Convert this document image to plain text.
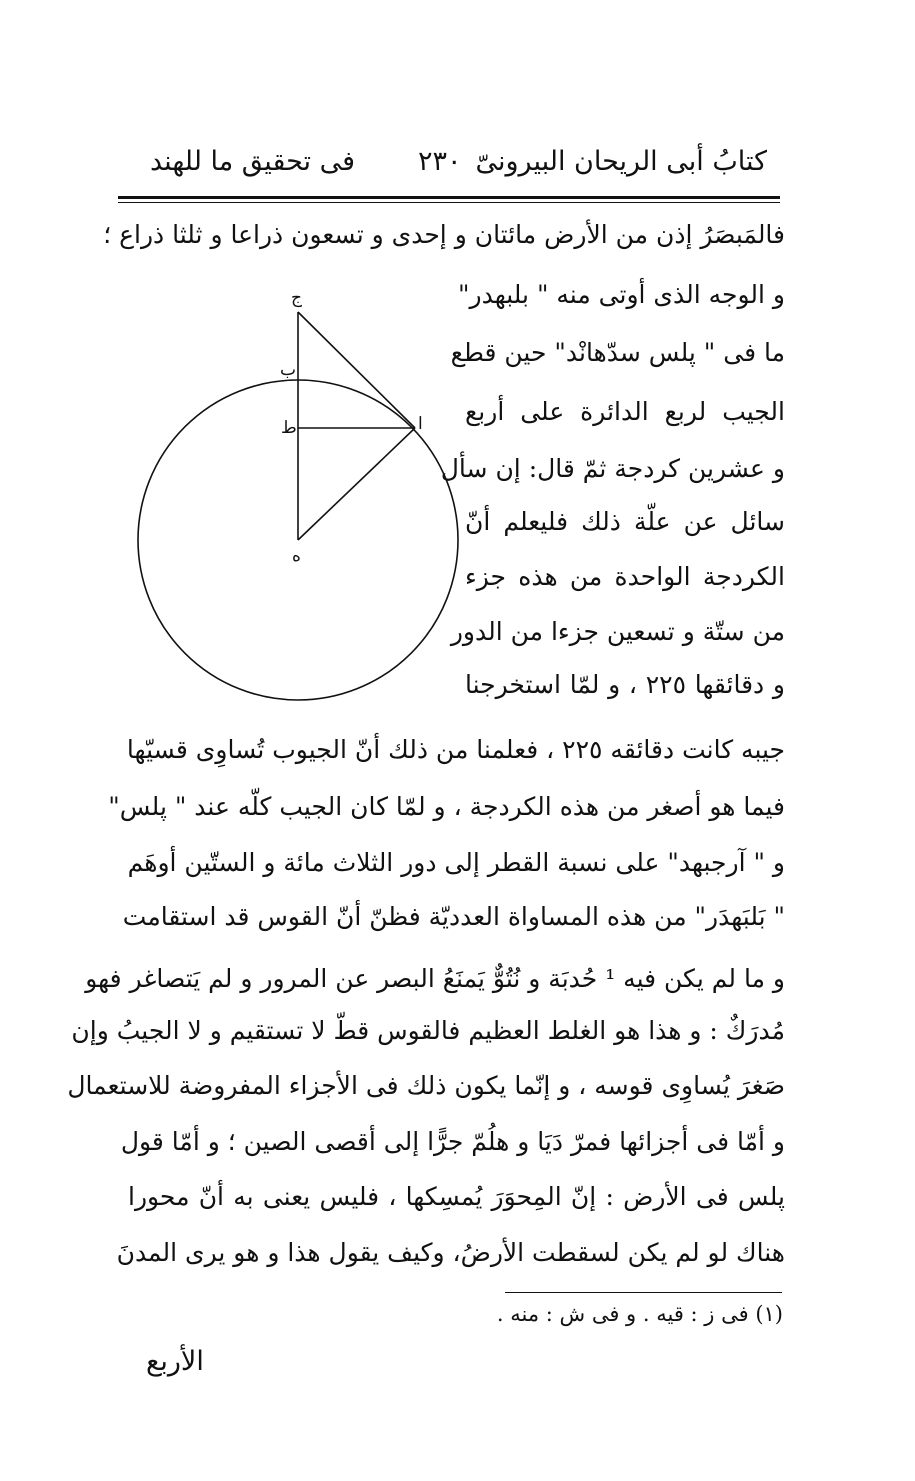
كتابُ أبى الريحان البيرونىّ
٢٣٠
فى تحقيق ما للهند
فالمَبصَرُ إذن من الأرض مائتان و إحدى و تسعون ذراعا و ثلثا ذراع ؛
و الوجه الذى أوتى منه " بلبهدر"
ما فى " پلس سدّهانْد" حين قطع
الجيب لربع الدائرة على أربع
و عشرين كردجة ثمّ قال: إن سأل
سائل عن علّة ذلك فليعلم أنّ
الكردجة الواحدة من هذه جزء
من ستّة و تسعين جزءا من الدور
و دقائقها ٢٢٥ ، و لمّا استخرجنا
جيبه كانت دقائقه ٢٢٥ ، فعلمنا من ذلك أنّ الجيوب تُساوِى قسيّها
فيما هو أصغر من هذه الكردجة ، و لمّا كان الجيب كلّه عند " پلس"
و " آرجبهد" على نسبة القطر إلى دور الثلاث مائة و الستّين أوهَم
" بَلبَهدَر" من هذه المساواة العدديّة فظنّ أنّ القوس قد استقامت
و ما لم يكن فيه ¹ حُدبَة و نُتُوٌّ يَمنَعُ البصر عن المرور و لم يَتصاغر فهو
مُدرَكٌ : و هذا هو الغلط العظيم فالقوس قطّ لا تستقيم و لا الجيبُ وإن
صَغرَ يُساوِى قوسه ، و إنّما يكون ذلك فى الأجزاء المفروضة للاستعمال
و أمّا فى أجزائها فمرّ دَيَا و هلُمّ جرًّا إلى أقصى الصين ؛ و أمّا قول
پلس فى الأرض : إنّ المِحوَرَ يُمسِكها ، فليس يعنى به أنّ محورا
هناك لو لم يكن لسقطت الأرضُ، وكيف يقول هذا و هو يرى المدنَ
(١) فى ز : قيه . و فى ش : منه .
الأربع
ج
ب
ط	ا
ه
